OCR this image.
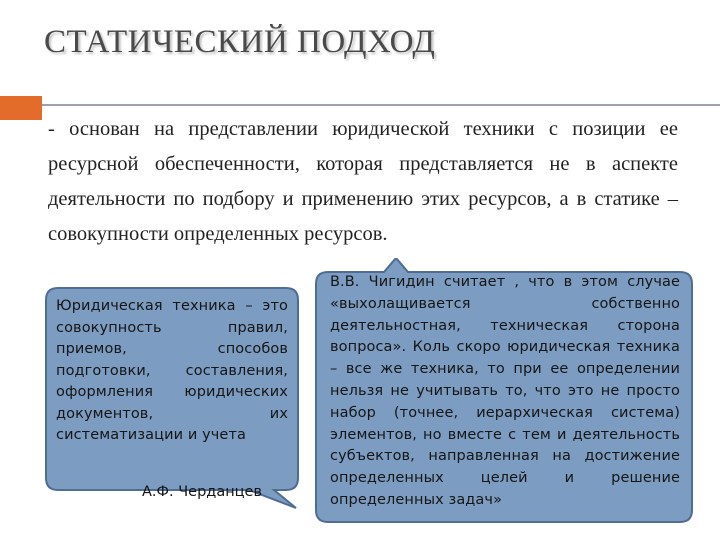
СТАТИЧЕСКИЙ ПОДХОД
- основан на представлении юридической техники с позиции ее ресурсной обеспеченности, которая представляется не в аспекте деятельности по подбору и применению этих ресурсов, а в статике – совокупности определенных ресурсов.
Юридическая техника – это совокупность правил, приемов, способов подготовки, составления, оформления юридических документов, их систематизации и учета
А.Ф. Черданцев
В.В. Чигидин считает , что в этом случае «выхолащивается собственно деятельностная, техническая сторона вопроса». Коль скоро юридическая техника – все же техника, то при ее определении нельзя не учитывать то, что это не просто набор (точнее, иерархическая система) элементов, но вместе с тем и деятельность субъектов, направленная на достижение определенных целей и решение определенных задач»
